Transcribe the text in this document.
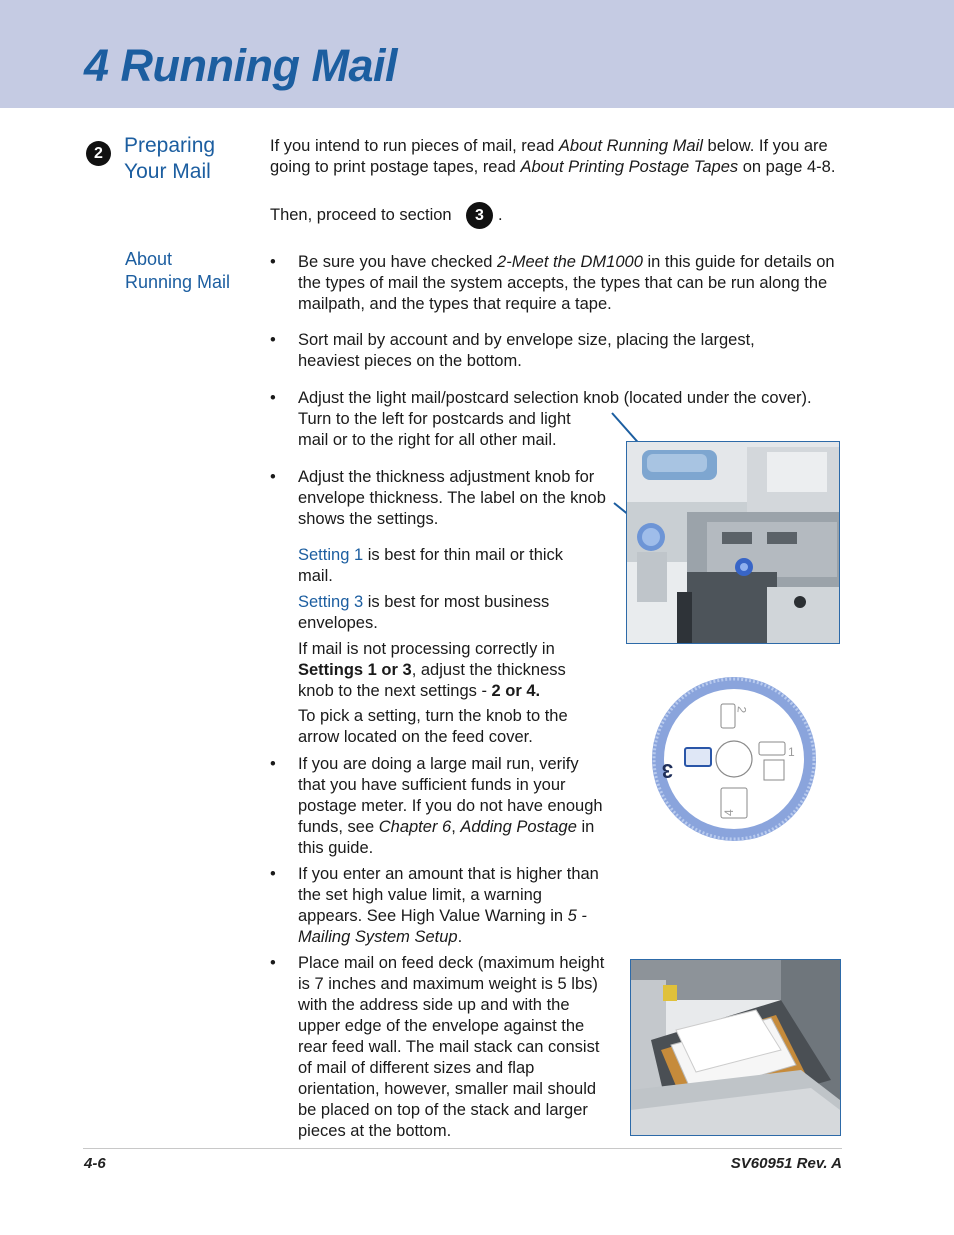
4 Running Mail
2	Preparing
Your Mail

If you intend to run pieces of mail, read About Running Mail below. If you are going to print postage tapes, read About Printing Postage Tapes on page 4-8.

Then, proceed to section	3 .
About
Running Mail
• Be sure you have checked 2-Meet the DM1000 in this guide for details on the types of mail the system accepts, the types that can be run along the mailpath, and the types that require a tape.

• Sort mail by account and by envelope size, placing the largest, heaviest pieces on the bottom.

• Adjust the light mail/postcard selection knob (located under the cover).

Turn to the left for postcards and light mail or to the right for all other mail.

• Adjust the thickness adjustment knob for envelope thickness. The label on the knob shows the settings.

Setting 1 is best for thin mail or thick mail.

Setting 3 is best for most business envelopes.

If mail is not processing correctly in Settings 1 or 3, adjust the thickness knob to the next settings - 2 or 4.

To pick a setting, turn the knob to the arrow located on the feed cover.

• If you are doing a large mail run, verify that you have sufficient funds in your postage meter. If you do not have enough funds, see Chapter 6, Adding Postage in this guide.

• If you enter an amount that is higher than the set high value limit, a warning appears. See High Value Warning in 5 - Mailing System Setup.

• Place mail on feed deck (maximum height is 7 inches and maximum weight is 5 lbs) with the address side up and with the upper edge of the envelope against the rear feed wall. The mail stack can consist of mail of different sizes and flap orientation, however, smaller mail should be placed on top of the stack and larger pieces at the bottom.

2
1
4
3
4-6	SV60951 Rev. A
